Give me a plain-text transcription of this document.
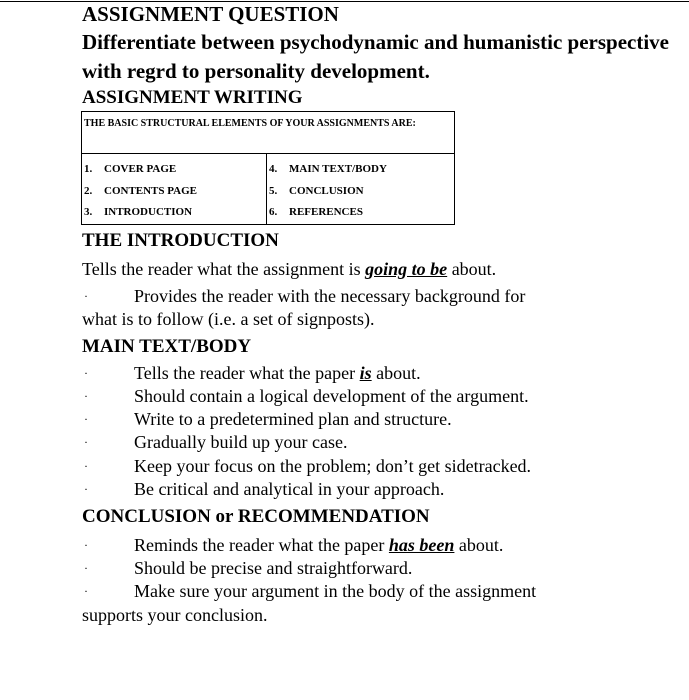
ASSIGNMENT QUESTION

Differentiate between psychodynamic and humanistic perspective with regrd to personality development.

ASSIGNMENT WRITING

THE BASIC STRUCTURAL ELEMENTS OF YOUR ASSIGNMENTS ARE:

1. COVER PAGE
2. CONTENTS PAGE
3. INTRODUCTION

4. MAIN TEXT/BODY
5. CONCLUSION
6. REFERENCES

THE INTRODUCTION

Tells the reader what the assignment is going to be about.

·	Provides the reader with the necessary background for

what is to follow (i.e. a set of signposts).

MAIN TEXT/BODY

·	Tells the reader what the paper is about.
·	Should contain a logical development of the argument.
·	Write to a predetermined plan and structure.
·	Gradually build up your case.
·	Keep your focus on the problem; don’t get sidetracked.
·	Be critical and analytical in your approach.

CONCLUSION or RECOMMENDATION

·	Reminds the reader what the paper has been about.
·	Should be precise and straightforward.
·	Make sure your argument in the body of the assignment

supports your conclusion.
